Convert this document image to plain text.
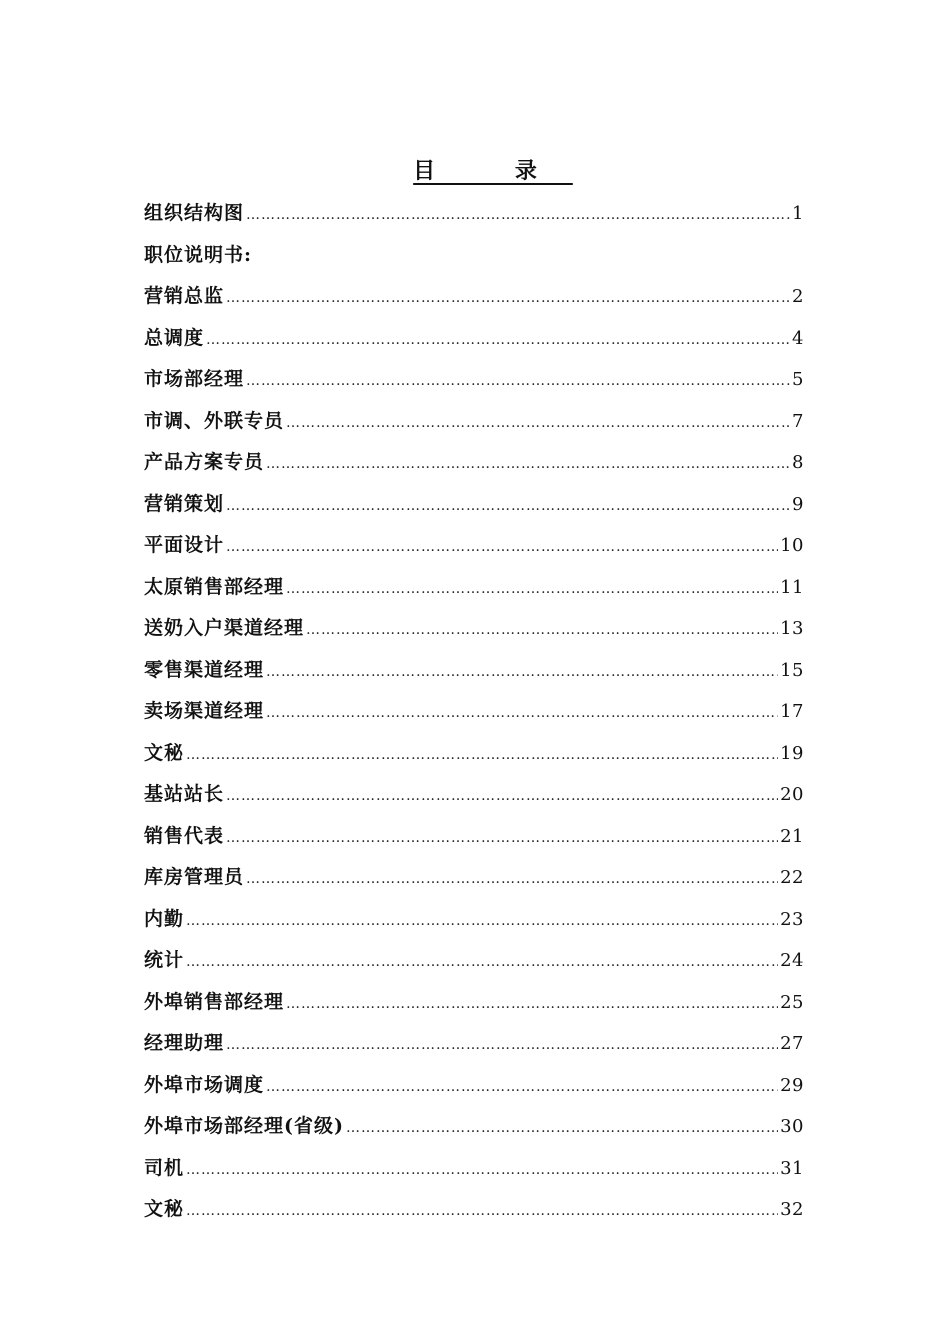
目 录
组织结构图 ………………………………………………………………………………………………………………………………………………………………………………………………	1
职位说明书:
营销总监 ………………………………………………………………………………………………………………………………………………………………………………………………	2
总调度 ………………………………………………………………………………………………………………………………………………………………………………………………	4
市场部经理 ………………………………………………………………………………………………………………………………………………………………………………………………	5
市调、外联专员 ………………………………………………………………………………………………………………………………………………………………………………………………	7
产品方案专员 ………………………………………………………………………………………………………………………………………………………………………………………………	8
营销策划 ………………………………………………………………………………………………………………………………………………………………………………………………	9
平面设计 ………………………………………………………………………………………………………………………………………………………………………………………………	10
太原销售部经理 ………………………………………………………………………………………………………………………………………………………………………………………………	11
送奶入户渠道经理 ………………………………………………………………………………………………………………………………………………………………………………………………	13
零售渠道经理 ………………………………………………………………………………………………………………………………………………………………………………………………	15
卖场渠道经理 ………………………………………………………………………………………………………………………………………………………………………………………………	17
文秘 ………………………………………………………………………………………………………………………………………………………………………………………………	19
基站站长 ………………………………………………………………………………………………………………………………………………………………………………………………	20
销售代表 ………………………………………………………………………………………………………………………………………………………………………………………………	21
库房管理员 ………………………………………………………………………………………………………………………………………………………………………………………………	22
内勤 ………………………………………………………………………………………………………………………………………………………………………………………………	23
统计 ………………………………………………………………………………………………………………………………………………………………………………………………	24
外埠销售部经理 ………………………………………………………………………………………………………………………………………………………………………………………………	25
经理助理 ………………………………………………………………………………………………………………………………………………………………………………………………	27
外埠市场调度 ………………………………………………………………………………………………………………………………………………………………………………………………	29
外埠市场部经理(省级) ………………………………………………………………………………………………………………………………………………………………………………………………	30
司机 ………………………………………………………………………………………………………………………………………………………………………………………………	31
文秘 ………………………………………………………………………………………………………………………………………………………………………………………………	32
